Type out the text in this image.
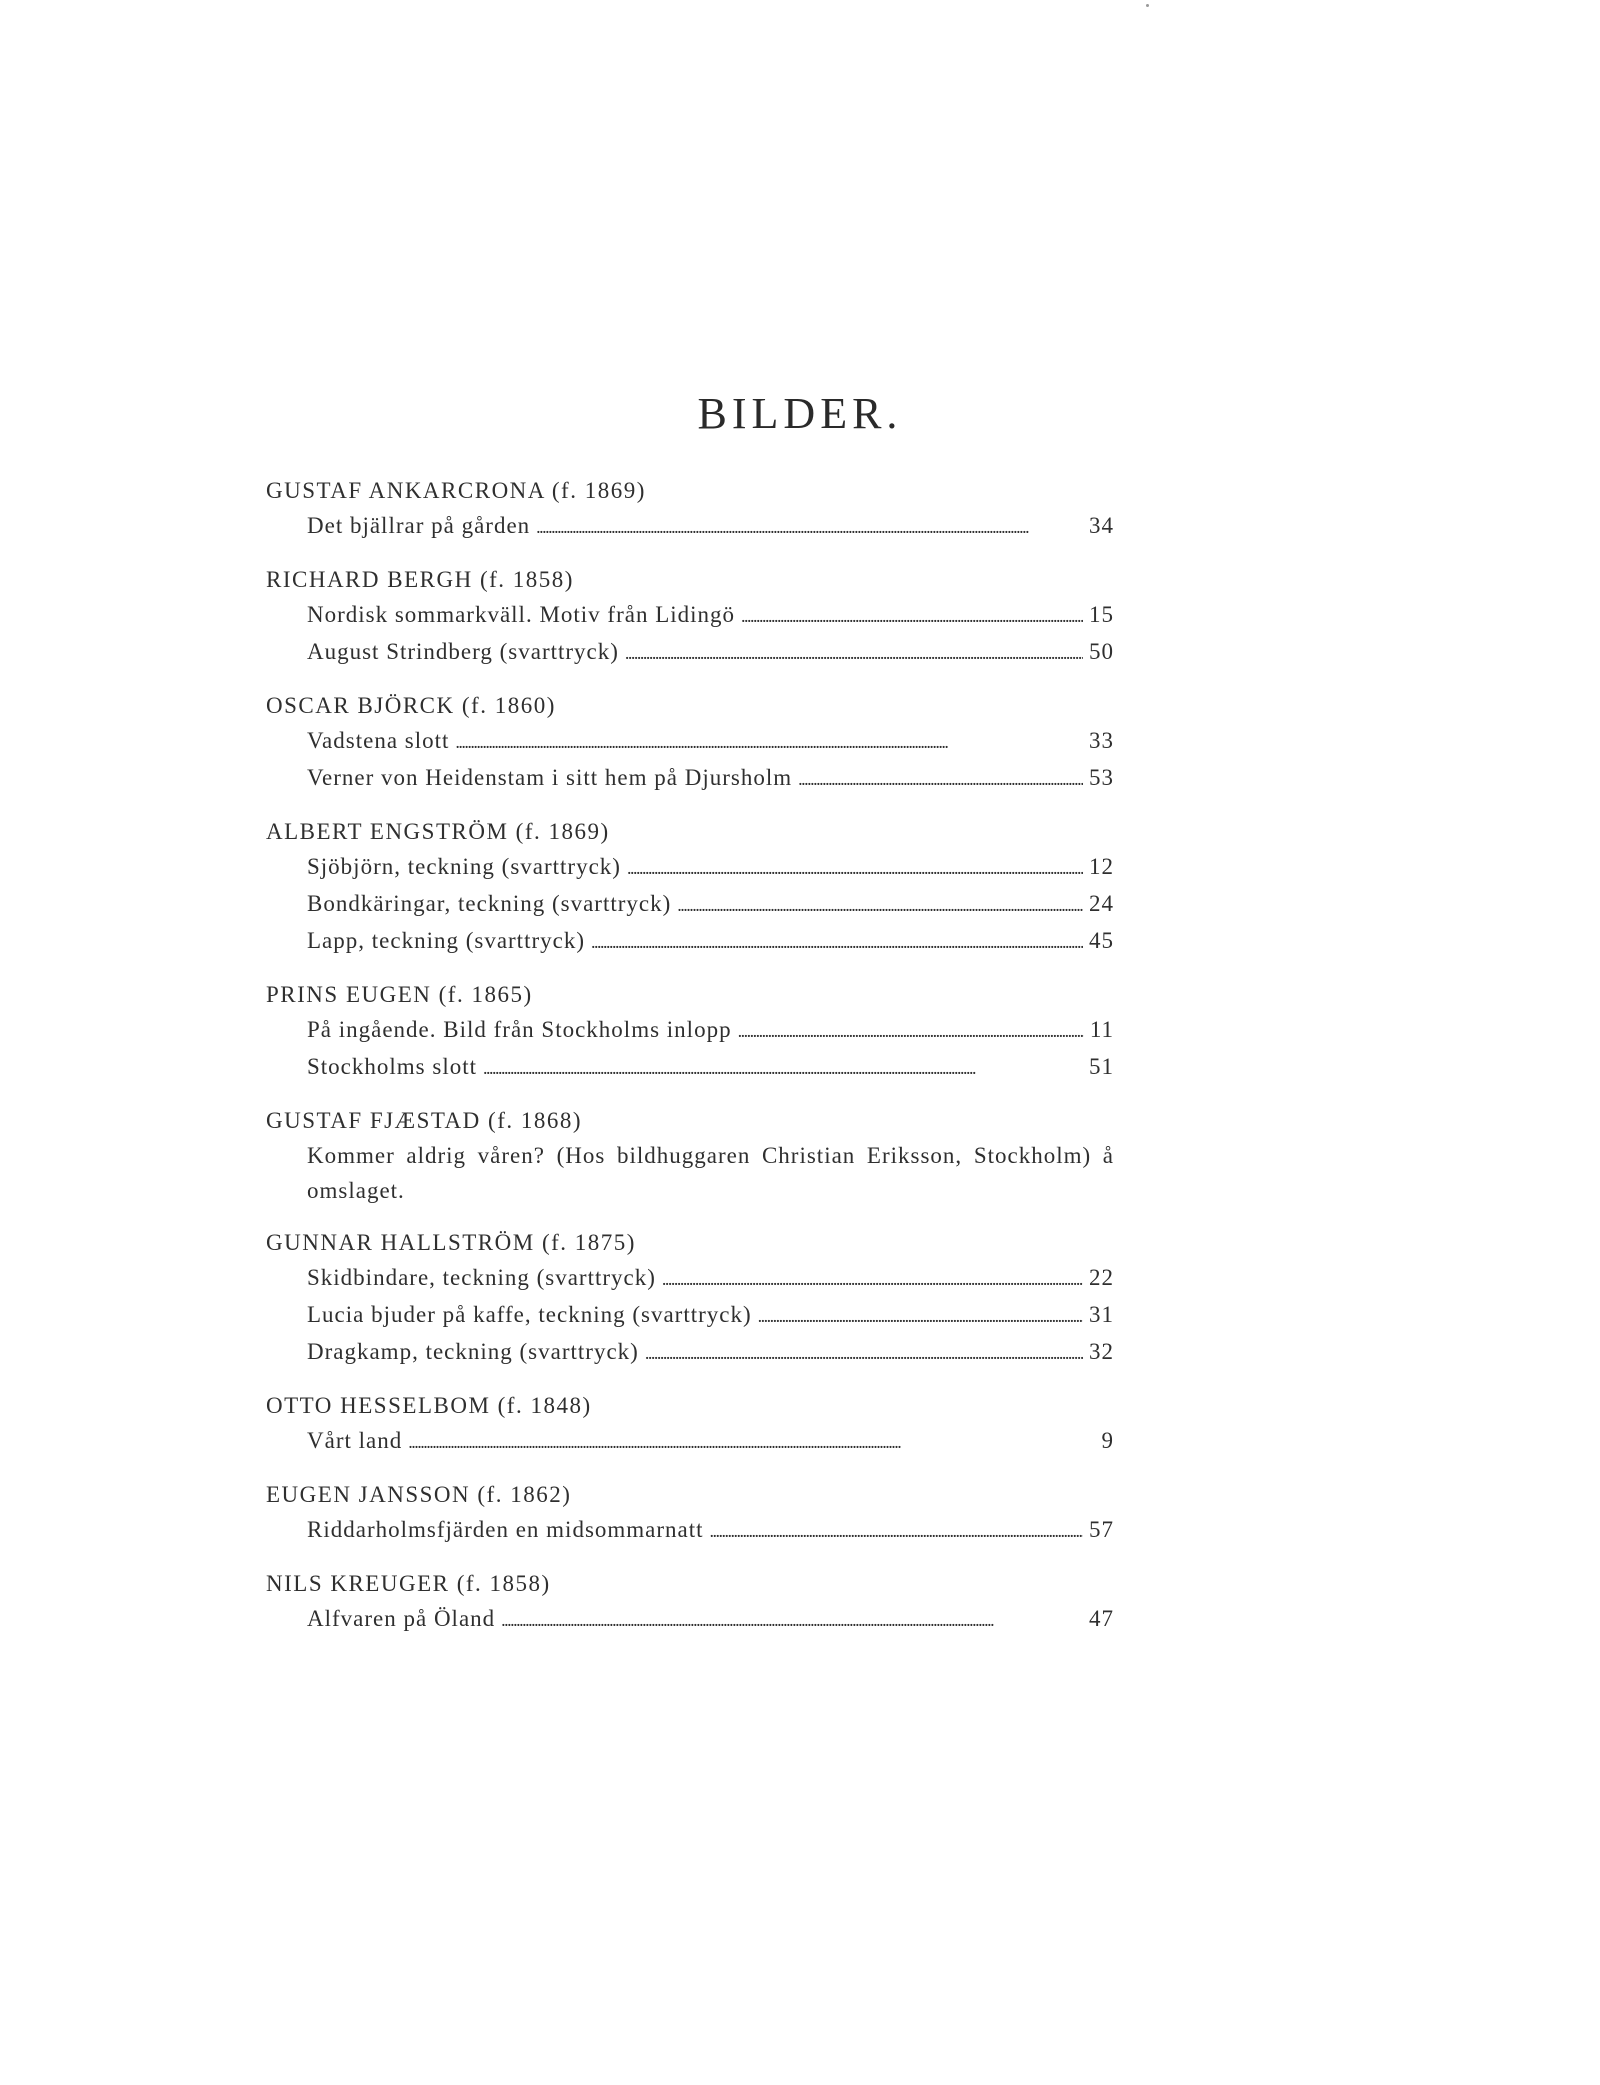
BILDER.
GUSTAF ANKARCRONA (f. 1869)
Det bjällrar på gården . . .	34
RICHARD BERGH (f. 1858)
Nordisk sommarkväll. Motiv från Lidingö . . .	15
August Strindberg (svarttryck) . . .	50
OSCAR BJÖRCK (f. 1860)
Vadstena slott . . .	33
Verner von Heidenstam i sitt hem på Djursholm . . .	53
ALBERT ENGSTRÖM (f. 1869)
Sjöbjörn, teckning (svarttryck) . . .	12
Bondkäringar, teckning (svarttryck) . . .	24
Lapp, teckning (svarttryck) . . .	45
PRINS EUGEN (f. 1865)
På ingående. Bild från Stockholms inlopp . . .	11
Stockholms slott . . .	51
GUSTAF FJÆSTAD (f. 1868)
Kommer aldrig våren? (Hos bildhuggaren Christian Eriksson, Stockholm) å omslaget.
GUNNAR HALLSTRÖM (f. 1875)
Skidbindare, teckning (svarttryck) . . .	22
Lucia bjuder på kaffe, teckning (svarttryck) . . .	31
Dragkamp, teckning (svarttryck) . . .	32
OTTO HESSELBOM (f. 1848)
Vårt land . . .	9
EUGEN JANSSON (f. 1862)
Riddarholmsfjärden en midsommarnatt . . .	57
NILS KREUGER (f. 1858)
Alfvaren på Öland . . .	47
